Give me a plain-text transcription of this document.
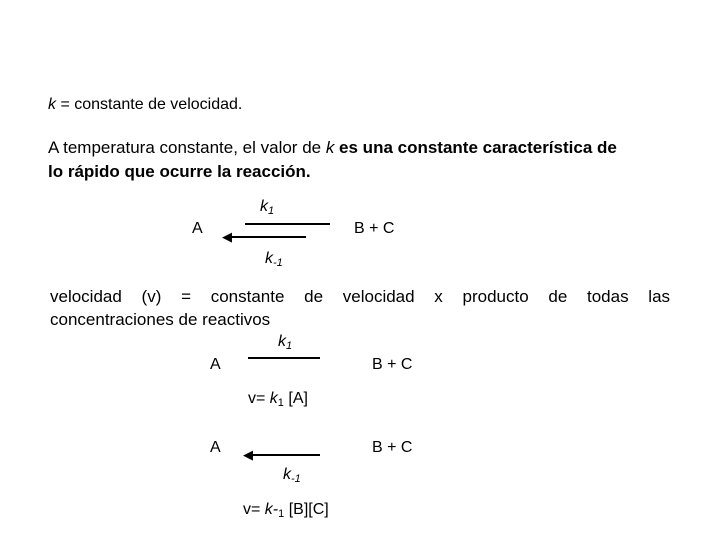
k = constante de velocidad.
A temperatura constante, el valor de k es una constante característica de
lo rápido que ocurre la reacción.
$k_1$
A ◀	B + C
$k_{-1}$
velocidad (v) = constante de velocidad x producto de todas las
concentraciones de reactivos
$k_1$
A	B + C
$v= k_1$ [A]
A ◀	B + C
$k_{-1}$
$v= k-_1$ [B][C]
